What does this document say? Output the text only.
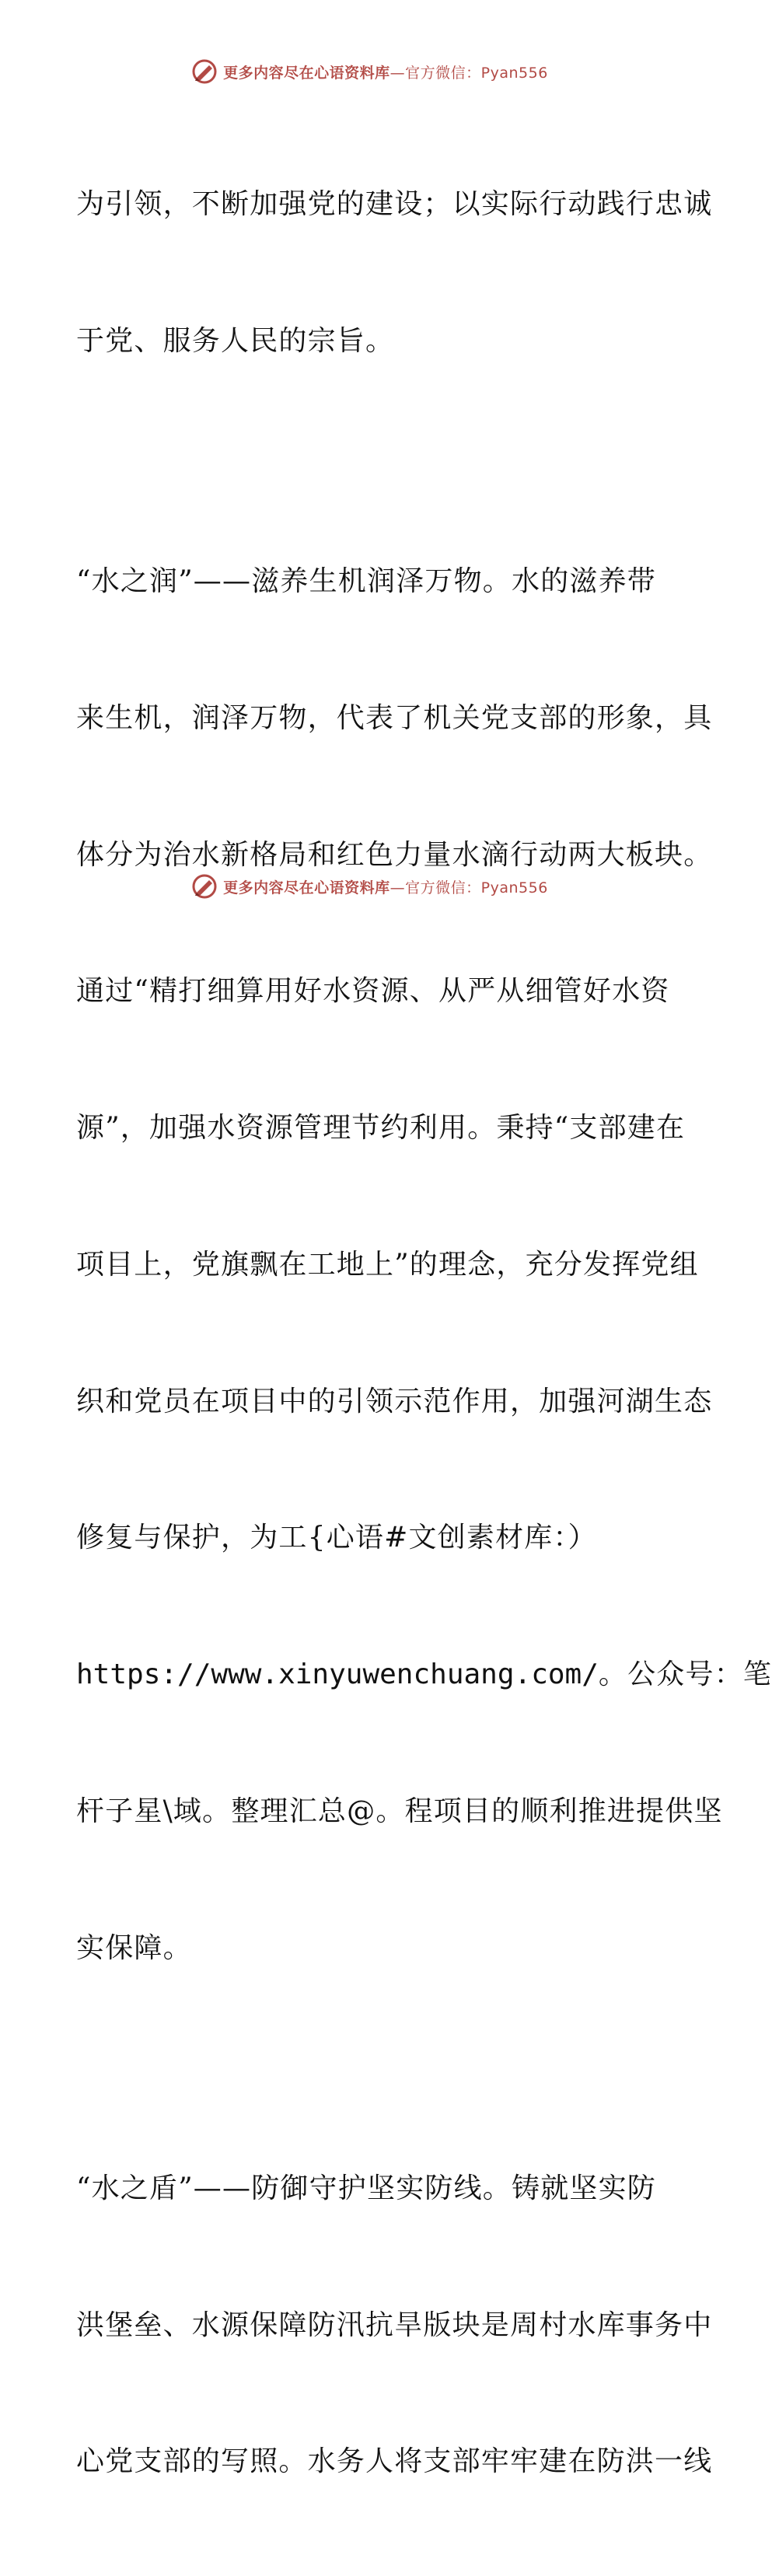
更多内容尽在心语资料库—官方微信：Pyan556

为引领，不断加强党的建设；以实际行动践行忠诚

于党、服务人民的宗旨。

“水之润”——滋养生机润泽万物。水的滋养带

来生机，润泽万物，代表了机关党支部的形象，具

体分为治水新格局和红色力量水滴行动两大板块。

通过“精打细算用好水资源、从严从细管好水资

源”，加强水资源管理节约利用。秉持“支部建在

项目上，党旗飘在工地上”的理念，充分发挥党组

织和党员在项目中的引领示范作用，加强河湖生态

修复与保护，为工{心语#文创素材库：）

https://www.xinyuwenchuang.com/。公众号：笔

杆子星\域。整理汇总@。程项目的顺利推进提供坚

实保障。

“水之盾”——防御守护坚实防线。铸就坚实防

洪堡垒、水源保障防汛抗旱版块是周村水库事务中

心党支部的写照。水务人将支部牢牢建在防洪一线

更多内容尽在心语资料库—官方微信：Pyan556
